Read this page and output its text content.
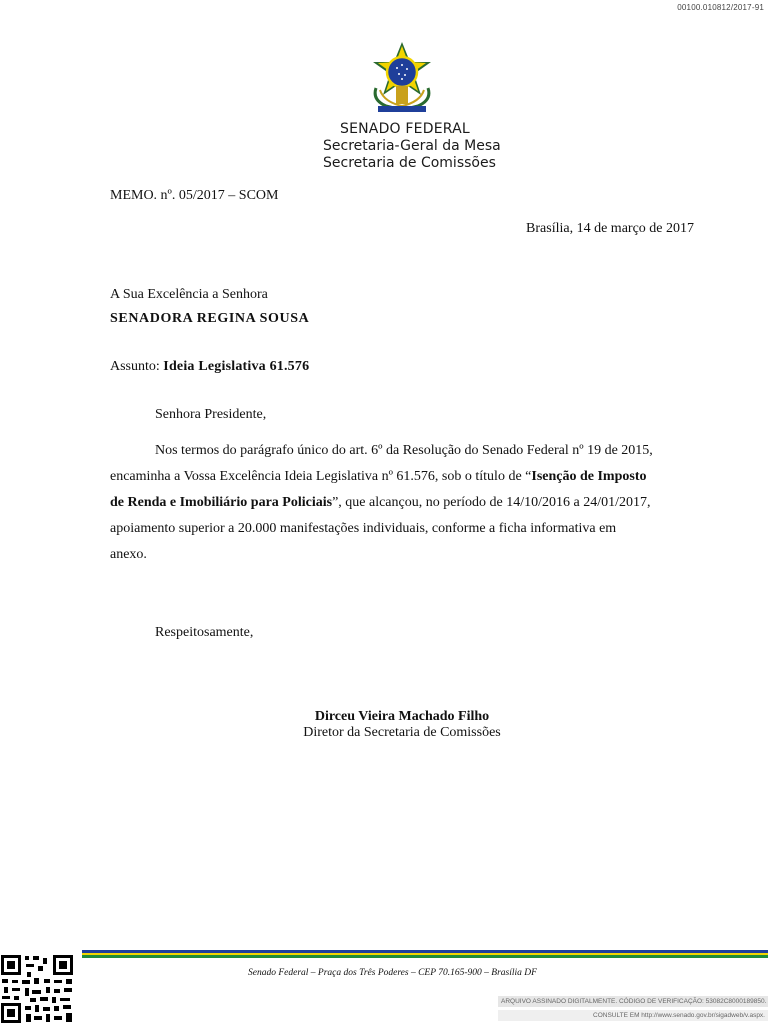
00100.010812/2017-91
SENADO FEDERAL
Secretaria-Geral da Mesa
Secretaria de Comissões
MEMO. nº. 05/2017 – SCOM
Brasília, 14 de março de 2017
A Sua Excelência a Senhora
SENADORA REGINA SOUSA
Assunto: Ideia Legislativa 61.576
Senhora Presidente,
Nos termos do parágrafo único do art. 6º da Resolução do Senado Federal nº 19 de 2015,
encaminha a Vossa Excelência Ideia Legislativa nº 61.576, sob o título de “Isenção de Imposto
de Renda e Imobiliário para Policiais”, que alcançou, no período de 14/10/2016 a 24/01/2017,
apoiamento superior a 20.000 manifestações individuais, conforme a ficha informativa em
anexo.
Respeitosamente,
Dirceu Vieira Machado Filho
Diretor da Secretaria de Comissões
Senado Federal – Praça dos Três Poderes – CEP 70.165-900 – Brasília DF
ARQUIVO ASSINADO DIGITALMENTE. CÓDIGO DE VERIFICAÇÃO: 53082C8000189850.
CONSULTE EM http://www.senado.gov.br/sigadweb/v.aspx.
